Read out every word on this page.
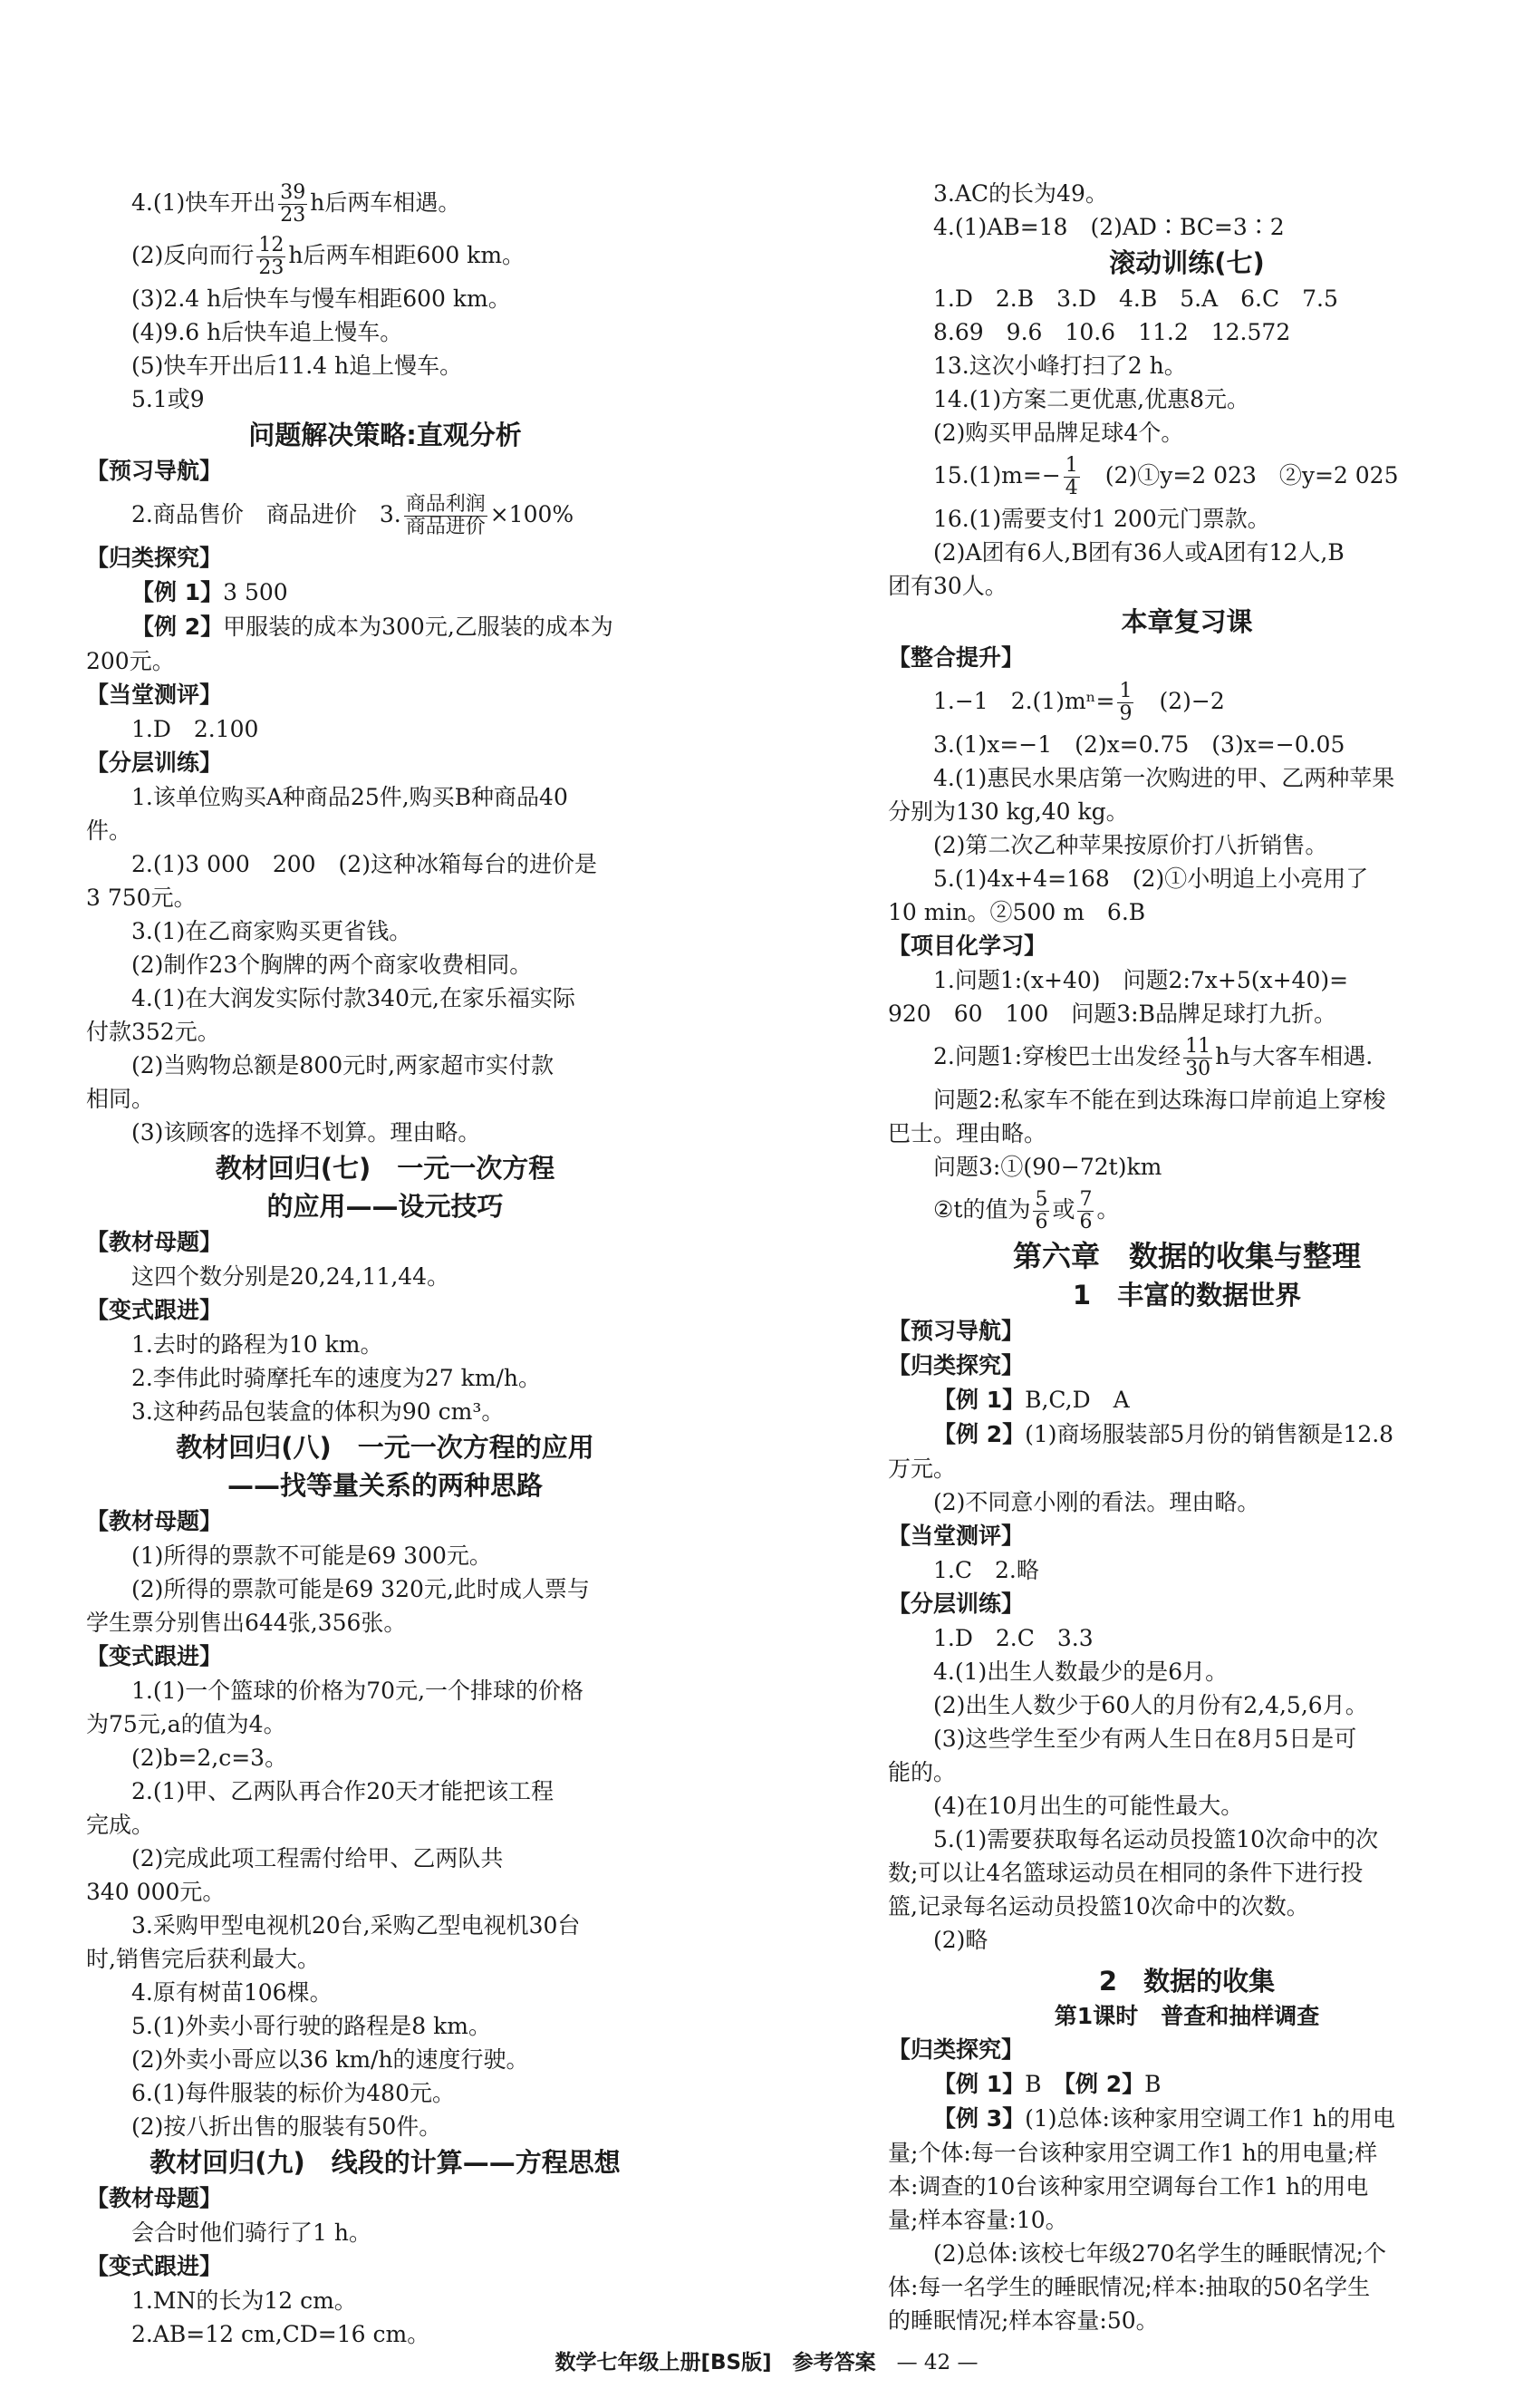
4.(1)快车开出 $\frac{39}{23}$ h后两车相遇。
(2)反向而行 $\frac{12}{23}$ h后两车相距600 km。
(3)2.4 h后快车与慢车相距600 km。
(4)9.6 h后快车追上慢车。
(5)快车开出后11.4 h追上慢车。
5.1或9
问题解决策略:直观分析
【预习导航】
2.商品售价　商品进价　3. $\frac{\text{商品利润}}{\text{商品进价}} \times 100\%$
【归类探究】
【例 1】3 500
【例 2】甲服装的成本为300元,乙服装的成本为
200元。
【当堂测评】
1.D　2.100
【分层训练】
1.该单位购买A种商品25件,购买B种商品40
件。
2.(1)3 000　200　(2)这种冰箱每台的进价是
3 750元。
3.(1)在乙商家购买更省钱。
(2)制作23个胸牌的两个商家收费相同。
4.(1)在大润发实际付款340元,在家乐福实际
付款352元。
(2)当购物总额是800元时,两家超市实付款
相同。
(3)该顾客的选择不划算。理由略。
教材回归(七)　一元一次方程
的应用——设元技巧
【教材母题】
这四个数分别是20,24,11,44。
【变式跟进】
1.去时的路程为10 km。
2.李伟此时骑摩托车的速度为27 km/h。
3.这种药品包装盒的体积为90 cm³。
教材回归(八)　一元一次方程的应用
——找等量关系的两种思路
【教材母题】
(1)所得的票款不可能是69 300元。
(2)所得的票款可能是69 320元,此时成人票与
学生票分别售出644张,356张。
【变式跟进】
1.(1)一个篮球的价格为70元,一个排球的价格
为75元,a的值为4。
(2)b=2,c=3。
2.(1)甲、乙两队再合作20天才能把该工程
完成。
(2)完成此项工程需付给甲、乙两队共
340 000元。
3.采购甲型电视机20台,采购乙型电视机30台
时,销售完后获利最大。
4.原有树苗106棵。
5.(1)外卖小哥行驶的路程是8 km。
(2)外卖小哥应以36 km/h的速度行驶。
6.(1)每件服装的标价为480元。
(2)按八折出售的服装有50件。
教材回归(九)　线段的计算——方程思想
【教材母题】
会合时他们骑行了1 h。
【变式跟进】
1.MN的长为12 cm。
2.AB=12 cm,CD=16 cm。
3.AC的长为49。
4.(1)AB=18　(2)AD∶BC=3∶2
滚动训练(七)
1.D　2.B　3.D　4.B　5.A　6.C　7.5
8.69　9.6　10.6　11.2　12.572
13.这次小峰打扫了2 h。
14.(1)方案二更优惠,优惠8元。
(2)购买甲品牌足球4个。
$15.(1)m=- \frac{1}{4}$
　 (2)①y=2 023　②y=2 025
16.(1)需要支付1 200元门票款。
(2)A团有6人,B团有36人或A团有12人,B
团有30人。
本章复习课
【整合提升】
1.−1　$2.(1)m^n= \frac{1}{9}$
　 (2)−2
3.(1)x=−1　(2)x=0.75　(3)x=−0.05
4.(1)惠民水果店第一次购进的甲、乙两种苹果
分别为130 kg,40 kg。
(2)第二次乙种苹果按原价打八折销售。
5.(1)4x+4=168　(2)①小明追上小亮用了
10 min。②500 m　6.B
【项目化学习】
1.问题1:(x+40)　问题2:7x+5(x+40)=
920　60　100　问题3:B品牌足球打九折。
2.问题1:穿梭巴士出发经 $\frac{11}{30}$ h与大客车相遇.
问题2:私家车不能在到达珠海口岸前追上穿梭
巴士。理由略。
问题3:①(90−72t)km
②t的值为 $\frac{5}{6}$ 或 $\frac{7}{6}$ 。
第六章　数据的收集与整理
1　丰富的数据世界
【预习导航】
【归类探究】
【例 1】B,C,D　A
【例 2】(1)商场服装部5月份的销售额是12.8
万元。
(2)不同意小刚的看法。理由略。
【当堂测评】
1.C　2.略
【分层训练】
1.D　2.C　3.3
4.(1)出生人数最少的是6月。
(2)出生人数少于60人的月份有2,4,5,6月。
(3)这些学生至少有两人生日在8月5日是可
能的。
(4)在10月出生的可能性最大。
5.(1)需要获取每名运动员投篮10次命中的次
数;可以让4名篮球运动员在相同的条件下进行投
篮,记录每名运动员投篮10次命中的次数。
(2)略
2　数据的收集
第1课时　普查和抽样调查
【归类探究】
【例 1】B　 【例 2】B
【例 3】(1)总体:该种家用空调工作1 h的用电
量;个体:每一台该种家用空调工作1 h的用电量;样
本:调查的10台该种家用空调每台工作1 h的用电
量;样本容量:10。
(2)总体:该校七年级270名学生的睡眠情况;个
体:每一名学生的睡眠情况;样本:抽取的50名学生
的睡眠情况;样本容量:50。
数学七年级上册[BS版]　参考答案　 — 42 —
